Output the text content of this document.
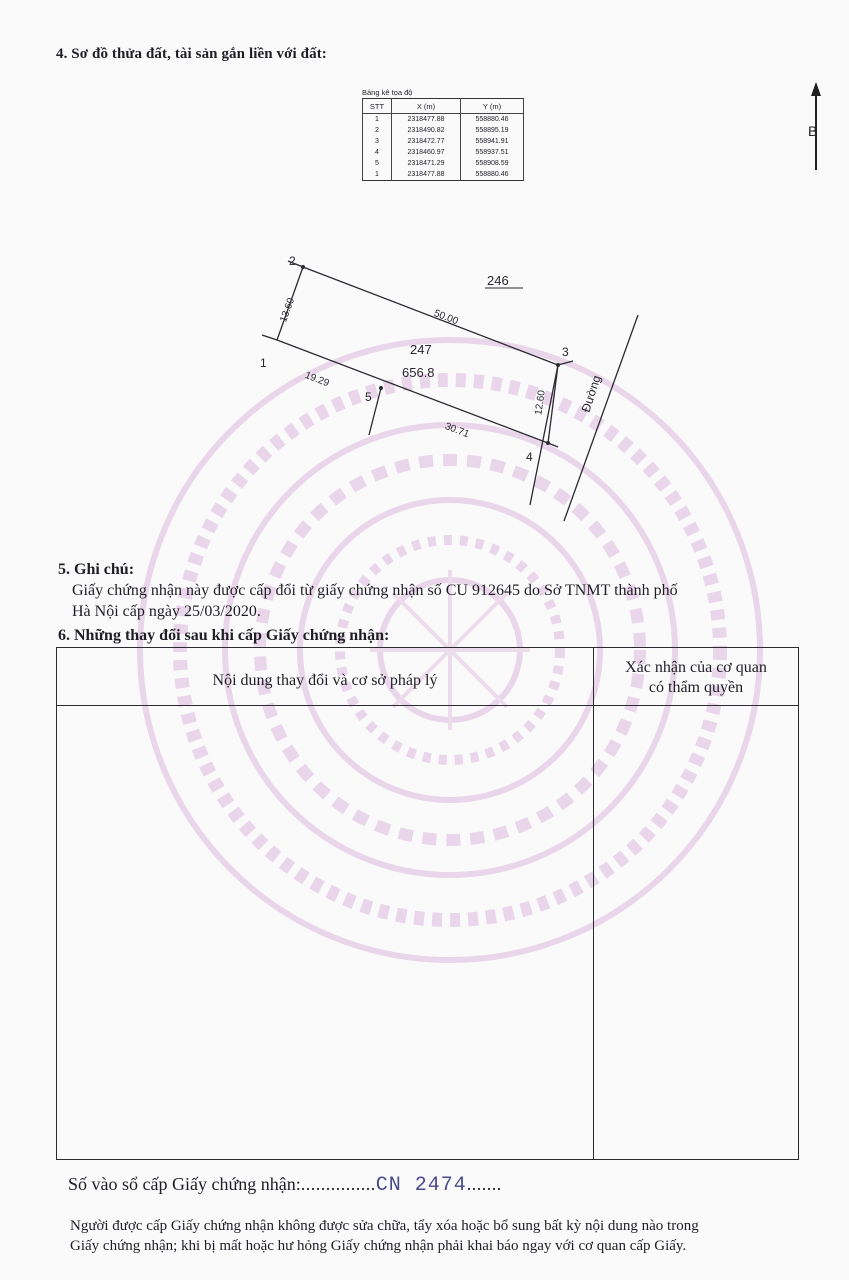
4. Sơ đồ thửa đất, tài sản gắn liền với đất:
B
Bảng kê tọa độ
STT	X (m)	Y (m)
1	2318477.88	558880.46
2	2318490.82	558895.19
3	2318472.77	558941.91
4	2318460.97	558937.51
5	2318471.29	558908.59
1	2318477.88	558880.46
1
2
3
4
5
13.60	50.00
12.60
30.71
19.29
247
656.8
246
Đường
5. Ghi chú:
Giấy chứng nhận này được cấp đổi từ giấy chứng nhận số CU 912645 do Sở TNMT thành phố
Hà Nội cấp ngày 25/03/2020.
6. Những thay đổi sau khi cấp Giấy chứng nhận:
Nội dung thay đổi và cơ sở pháp lý
Xác nhận của cơ quan
có thẩm quyền
Số vào sổ cấp Giấy chứng nhận:...............CN 2474.......
Người được cấp Giấy chứng nhận không được sửa chữa, tẩy xóa hoặc bổ sung bất kỳ nội dung nào trong
Giấy chứng nhận; khi bị mất hoặc hư hỏng Giấy chứng nhận phải khai báo ngay với cơ quan cấp Giấy.
